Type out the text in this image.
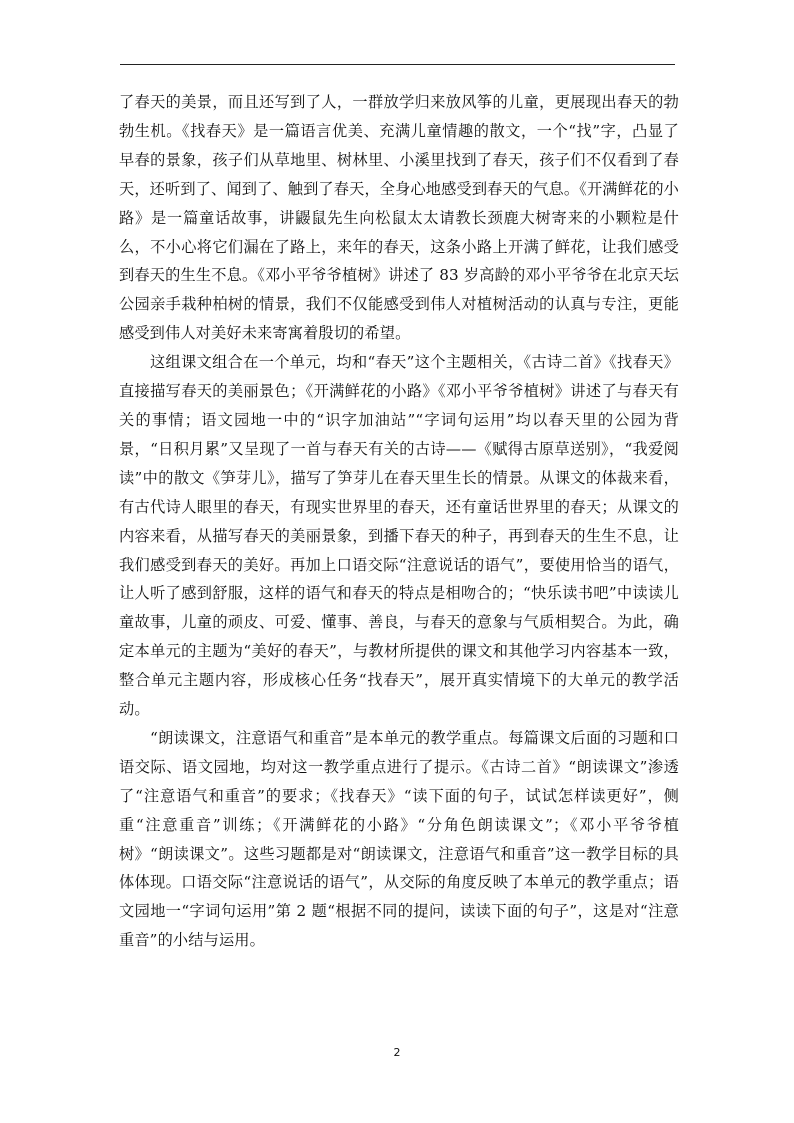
了春天的美景，而且还写到了人，一群放学归来放风筝的儿童，更展现出春天的勃勃生机。《找春天》是一篇语言优美、充满儿童情趣的散文，一个“找”字，凸显了早春的景象，孩子们从草地里、树林里、小溪里找到了春天，孩子们不仅看到了春天，还听到了、闻到了、触到了春天，全身心地感受到春天的气息。《开满鲜花的小路》是一篇童话故事，讲鼹鼠先生向松鼠太太请教长颈鹿大树寄来的小颗粒是什么，不小心将它们漏在了路上，来年的春天，这条小路上开满了鲜花，让我们感受到春天的生生不息。《邓小平爷爷植树》讲述了 83 岁高龄的邓小平爷爷在北京天坛公园亲手栽种柏树的情景，我们不仅能感受到伟人对植树活动的认真与专注，更能感受到伟人对美好未来寄寓着殷切的希望。

这组课文组合在一个单元，均和“春天”这个主题相关，《古诗二首》《找春天》直接描写春天的美丽景色；《开满鲜花的小路》《邓小平爷爷植树》讲述了与春天有关的事情；语文园地一中的“识字加油站”“字词句运用”均以春天里的公园为背景，“日积月累”又呈现了一首与春天有关的古诗——《赋得古原草送别》，“我爱阅读”中的散文《笋芽儿》，描写了笋芽儿在春天里生长的情景。从课文的体裁来看，有古代诗人眼里的春天，有现实世界里的春天，还有童话世界里的春天；从课文的内容来看，从描写春天的美丽景象，到播下春天的种子，再到春天的生生不息，让我们感受到春天的美好。再加上口语交际“注意说话的语气”，要使用恰当的语气，让人听了感到舒服，这样的语气和春天的特点是相吻合的；“快乐读书吧”中读读儿童故事，儿童的顽皮、可爱、懂事、善良，与春天的意象与气质相契合。为此，确定本单元的主题为“美好的春天”，与教材所提供的课文和其他学习内容基本一致，整合单元主题内容，形成核心任务“找春天”，展开真实情境下的大单元的教学活动。

“朗读课文，注意语气和重音”是本单元的教学重点。每篇课文后面的习题和口语交际、语文园地，均对这一教学重点进行了提示。《古诗二首》“朗读课文”渗透了“注意语气和重音”的要求；《找春天》“读下面的句子，试试怎样读更好”，侧重“注意重音”训练；《开满鲜花的小路》“分角色朗读课文”；《邓小平爷爷植树》“朗读课文”。这些习题都是对“朗读课文，注意语气和重音”这一教学目标的具体体现。口语交际“注意说话的语气”，从交际的角度反映了本单元的教学重点；语文园地一“字词句运用”第 2 题“根据不同的提问，读读下面的句子”，这是对“注意重音”的小结与运用。

2
